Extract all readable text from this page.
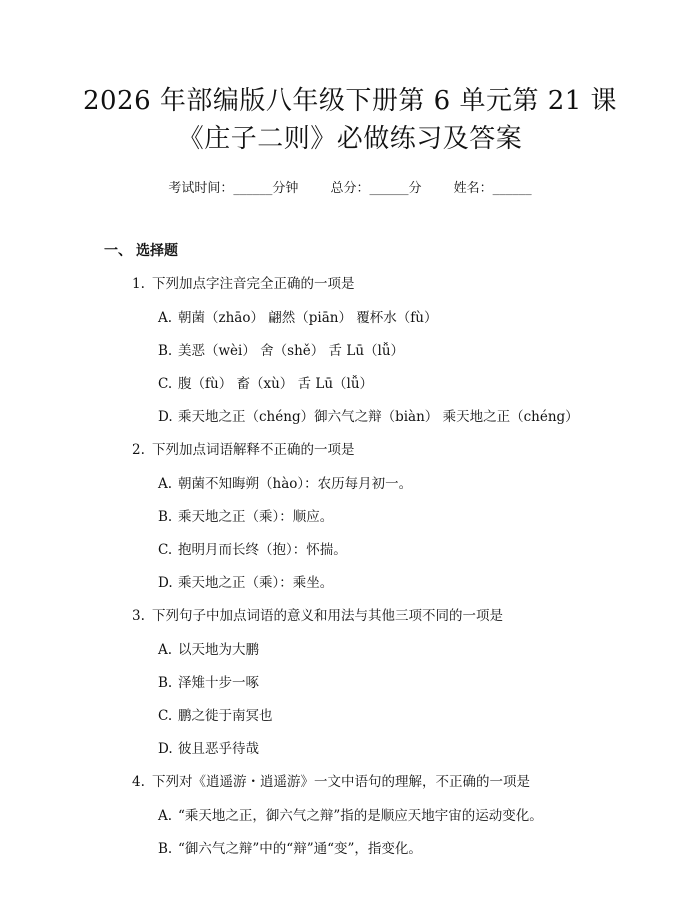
2026 年部编版八年级下册第 6 单元第 21 课
《庄子二则》必做练习及答案
考试时间：______分钟 总分：______分 姓名：______
一、 选择题
1. 下列加点字注音完全正确的一项是
A. 朝菌（zhāo） 翩然（piān） 覆杯水（fù）
B. 美恶（wèi） 舍（shě） 舌 Lū（lǚ）
C. 腹（fù） 畜（xù） 舌 Lū（lǚ）
D. 乘天地之正（chéng）御六气之辩（biàn） 乘天地之正（chéng）
2. 下列加点词语解释不正确的一项是
A. 朝菌不知晦朔（hào）：农历每月初一。
B. 乘天地之正（乘）：顺应。
C. 抱明月而长终（抱）：怀揣。
D. 乘天地之正（乘）：乘坐。
3. 下列句子中加点词语的意义和用法与其他三项不同的一项是
A. 以天地为大鹏
B. 泽雉十步一啄
C. 鹏之徙于南冥也
D. 彼且恶乎待哉
4. 下列对《逍遥游・逍遥游》一文中语句的理解，不正确的一项是
A. “乘天地之正，御六气之辩”指的是顺应天地宇宙的运动变化。
B. “御六气之辩”中的“辩”通“变”，指变化。
